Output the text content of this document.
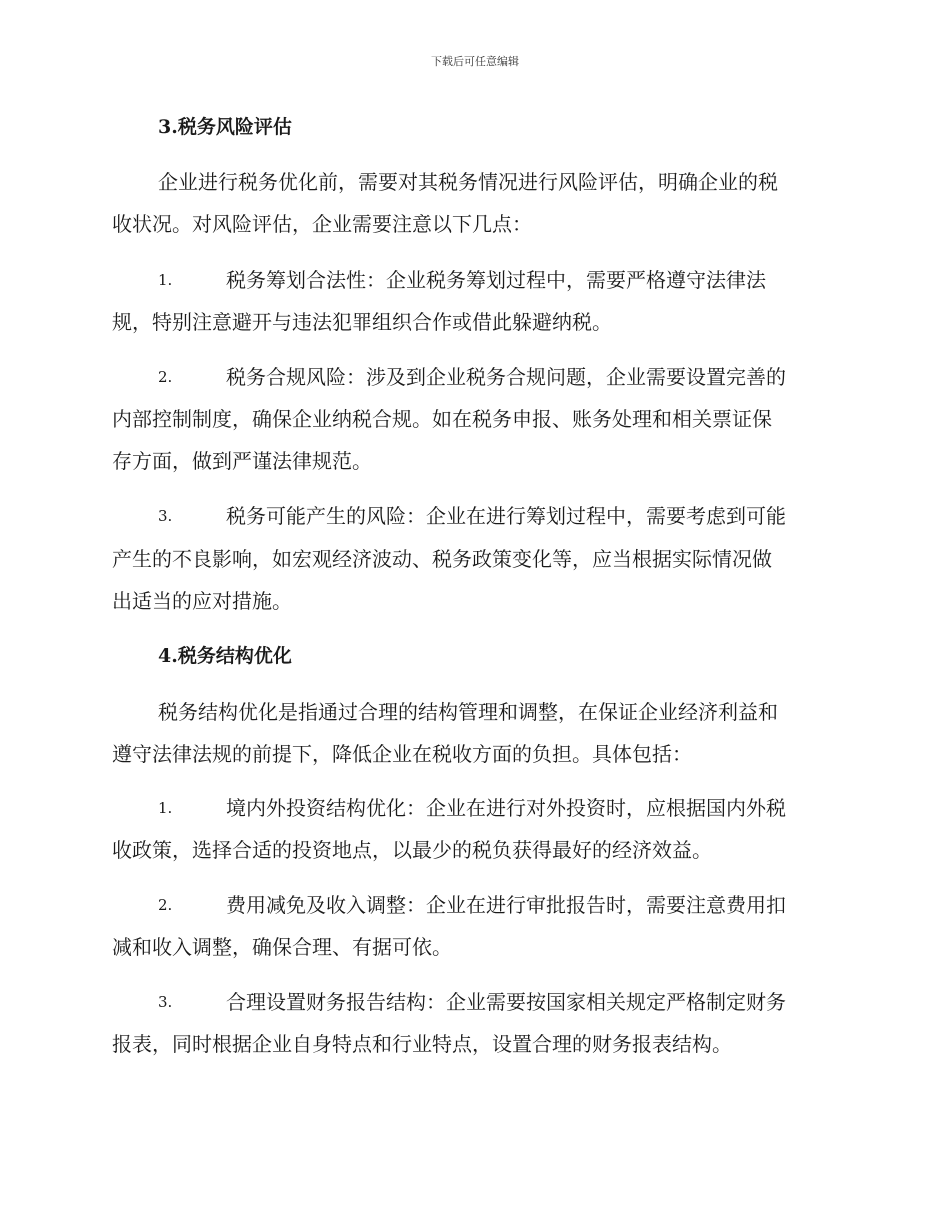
下载后可任意编辑
3.税务风险评估
企业进行税务优化前，需要对其税务情况进行风险评估，明确企业的税
收状况。对风险评估，企业需要注意以下几点：
1.	税务筹划合法性：企业税务筹划过程中，需要严格遵守法律法
规，特别注意避开与违法犯罪组织合作或借此躲避纳税。
2.	税务合规风险：涉及到企业税务合规问题，企业需要设置完善的
内部控制制度，确保企业纳税合规。如在税务申报、账务处理和相关票证保
存方面，做到严谨法律规范。
3.	税务可能产生的风险：企业在进行筹划过程中，需要考虑到可能
产生的不良影响，如宏观经济波动、税务政策变化等，应当根据实际情况做
出适当的应对措施。
4.税务结构优化
税务结构优化是指通过合理的结构管理和调整，在保证企业经济利益和
遵守法律法规的前提下，降低企业在税收方面的负担。具体包括：
1.	境内外投资结构优化：企业在进行对外投资时，应根据国内外税
收政策，选择合适的投资地点，以最少的税负获得最好的经济效益。
2.	费用减免及收入调整：企业在进行审批报告时，需要注意费用扣
减和收入调整，确保合理、有据可依。
3.	合理设置财务报告结构：企业需要按国家相关规定严格制定财务
报表，同时根据企业自身特点和行业特点，设置合理的财务报表结构。
